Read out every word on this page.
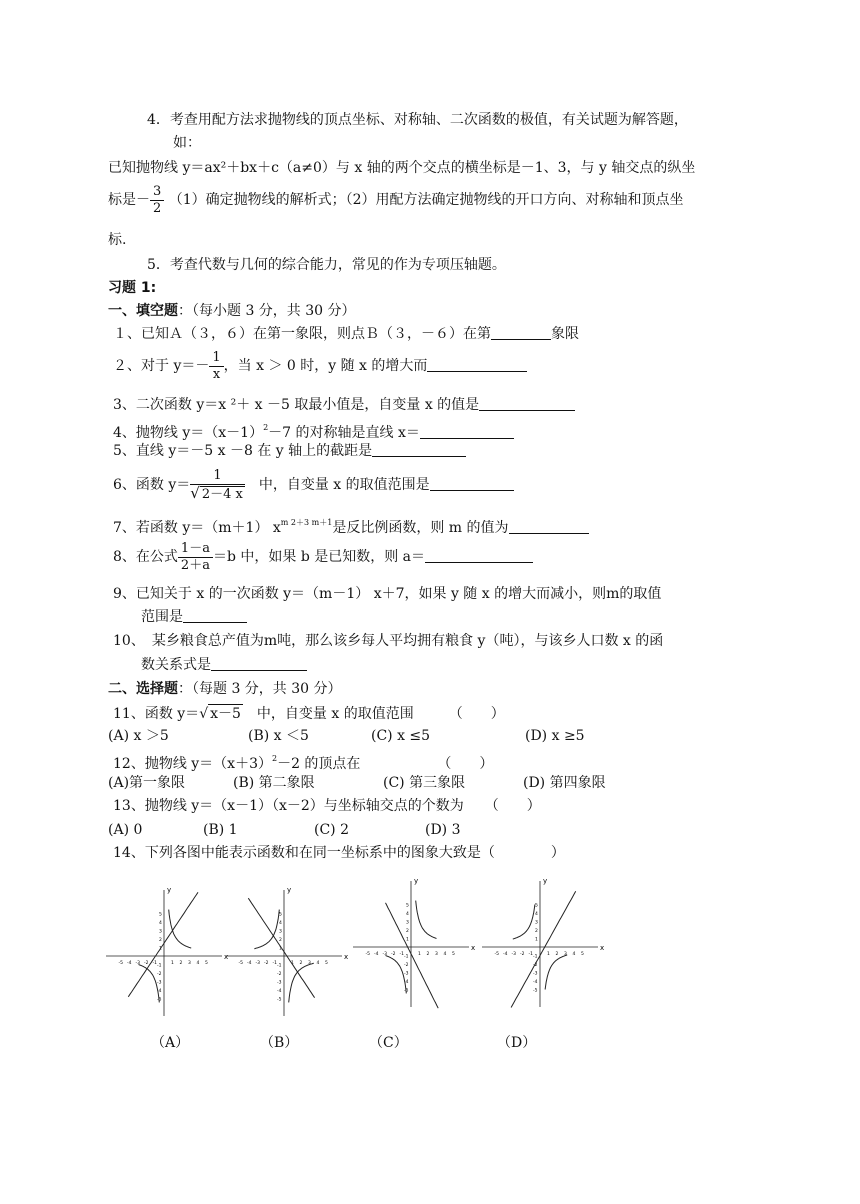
4．考查用配方法求抛物线的顶点坐标、对称轴、二次函数的极值，有关试题为解答题，
如：
已知抛物线 y＝ax²＋bx＋c（a≠0）与 x 轴的两个交点的横坐标是－1、3，与 y 轴交点的纵坐
标是－ $\frac{3}{2} (1)$确定抛物线的解析式；（2）用配方法确定抛物线的开口方向、对称轴和顶点坐
标.
5．考查代数与几何的综合能力，常见的作为专项压轴题。
习题 1:
一、填空题：（每小题 3 分，共 30 分）
１、已知Ａ（３，６）在第一象限，则点Ｂ（３，－６）在第	象限
２、对于 $y=- \frac{1}{x}$ ，当 x ＞ 0 时，y 随 x 的增大而
3、二次函数 y＝x ²＋ x －5 取最小值是，自变量 x 的值是
4、抛物线 $y=(x-1)^2-7$ 的对称轴是直线 x＝
5、直线 y＝－5 x －8 在 y 轴上的截距是
6、函数 $y= \frac{1}{√ 2-4 x}$
　 中，自变量 x 的取值范围是
7、若函数 y＝（m＋1） $x^{m 2+3 m+1}$是反比例函数，则 m 的值为
8、在公式 $\frac{1-a}{2+a} =b$ 中，如果 b 是已知数，则 a＝
9、已知关于 x 的一次函数 y＝（m－1） x＋7，如果 y 随 x 的增大而减小，则m的取值
范围是
10、　某乡粮食总产值为m吨，那么该乡每人平均拥有粮食 y（吨），与该乡人口数 x 的函
数关系式是
二、选择题：（每题 3 分，共 30 分）
11、函数 y＝√ x－5　 中，自变量 x 的取值范围　　　（　　）
(A) x ＞5	(B) x ＜5	(C) x ≤5	(D) x ≥5
12、抛物线 $y=(x+3)^2-2$ 的顶点在　　　　　　（　　）
(A)第一象限	(B) 第二象限	(C) 第三象限	(D) 第四象限
13、抛物线 y＝（x－1）（x－2）与坐标轴交点的个数为　　（　　）
(A) 0	(B) 1	(C) 2	(D) 3
14、下列各图中能表示函数和在同一坐标系中的图象大致是（　　　　）
x
y
-5
-5
-4
-4
-3
-3
-2
-2
-1 -1 1
1
2
2
3
3
4
4
5
5
x
y
-5
-5
-4
-4
-3
-3
-2
-2
-1 -1 1
1
2
2
3
3
4
4
5
5
x
y
-5
-5
-4
-4
-3
-3
-2
-2
-1 -1 1
1
2
2
3
3
4
4
5
5
x
y
-5
-5
-4
-4
-3
-3
-2
-2
-1 -1 1
1
2
2
3
3
4
4
5
5
（A）	（B）	（C）	（D）
